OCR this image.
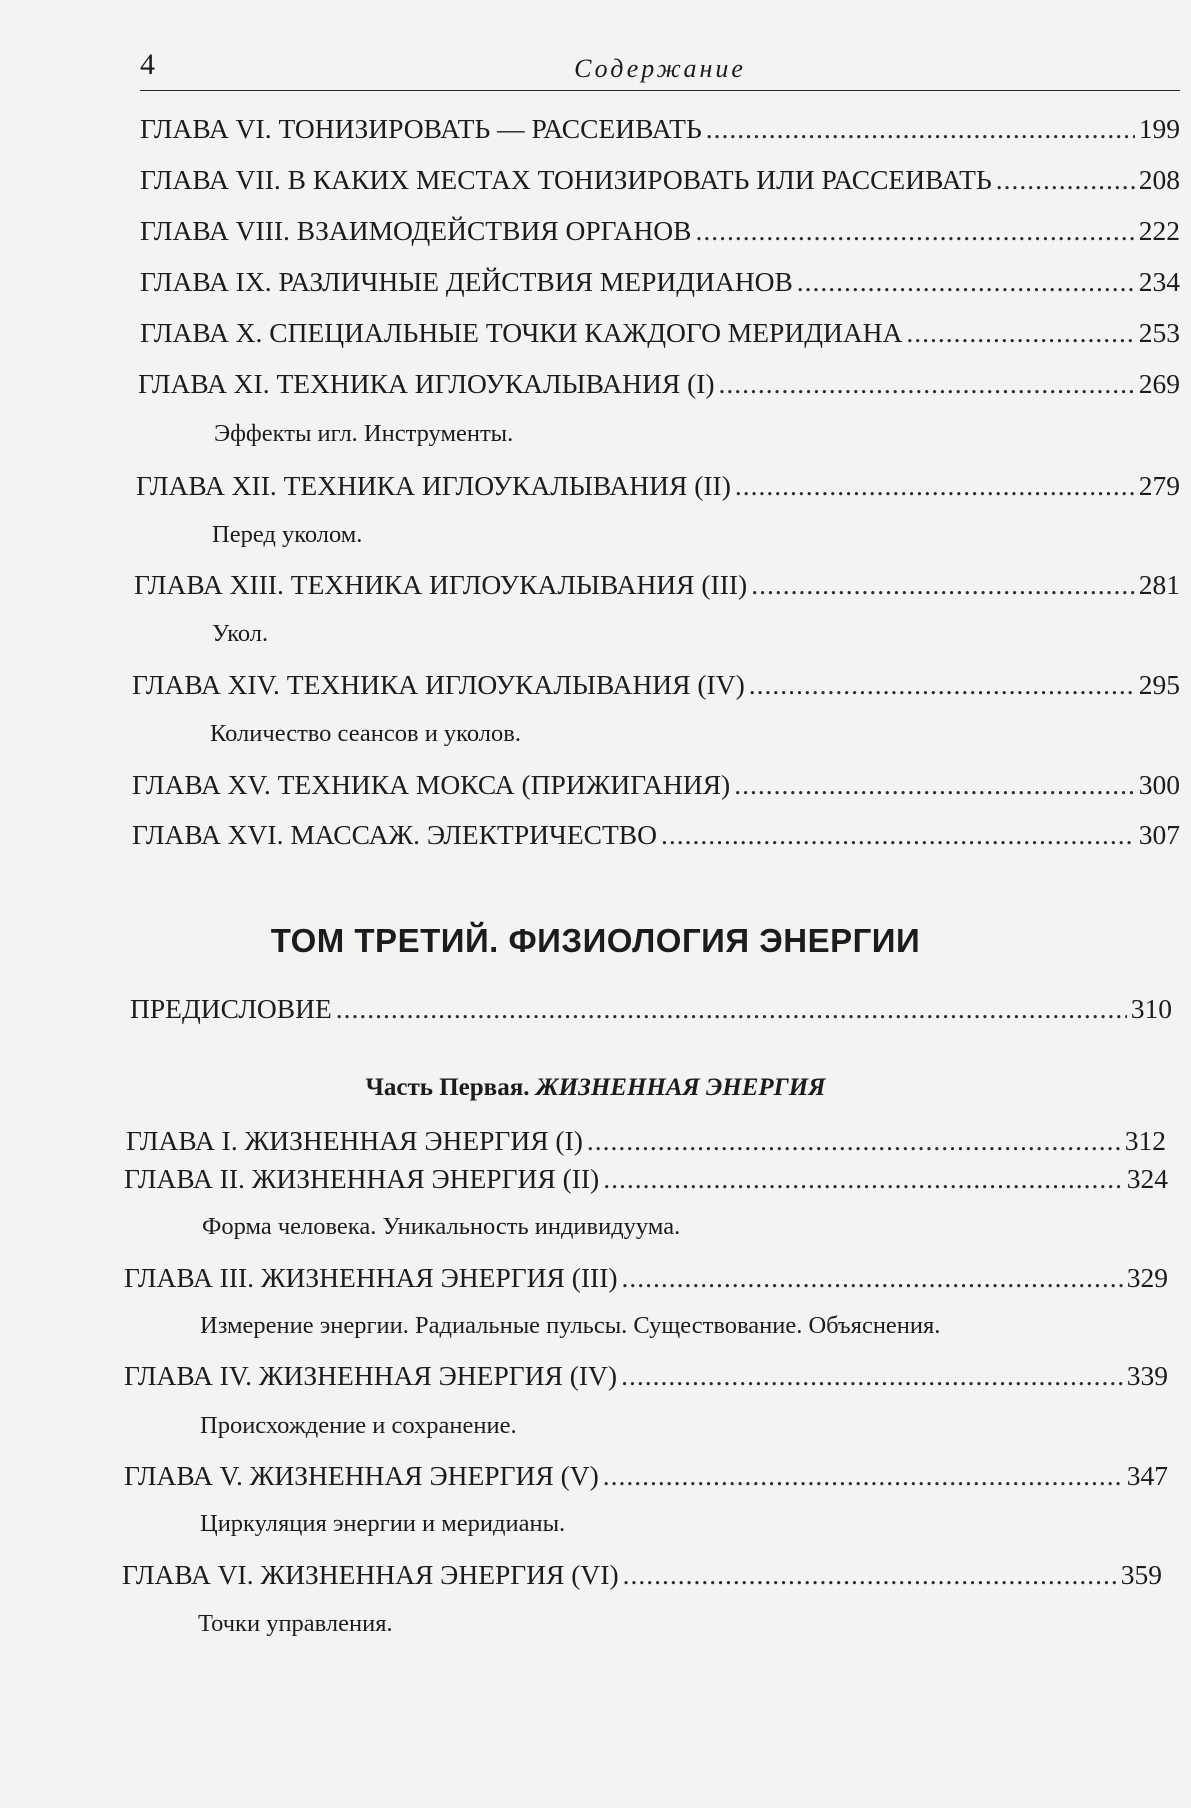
4	Содержание
ГЛАВА VI. ТОНИЗИРОВАТЬ — РАССЕИВАТЬ .....	199
ГЛАВА VII. В КАКИХ МЕСТАХ ТОНИЗИРОВАТЬ ИЛИ РАССЕИВАТЬ .....	208
ГЛАВА VIII. ВЗАИМОДЕЙСТВИЯ ОРГАНОВ .....	222
ГЛАВА IX. РАЗЛИЧНЫЕ ДЕЙСТВИЯ МЕРИДИАНОВ .....	234
ГЛАВА X. СПЕЦИАЛЬНЫЕ ТОЧКИ КАЖДОГО МЕРИДИАНА .....	253
ГЛАВА XI. ТЕХНИКА ИГЛОУКАЛЫВАНИЯ (I) .....	269
Эффекты игл. Инструменты.
ГЛАВА XII. ТЕХНИКА ИГЛОУКАЛЫВАНИЯ (II) .....	279
Перед уколом.
ГЛАВА XIII. ТЕХНИКА ИГЛОУКАЛЫВАНИЯ (III) .....	281
Укол.
ГЛАВА XIV. ТЕХНИКА ИГЛОУКАЛЫВАНИЯ (IV) .....	295
Количество сеансов и уколов.
ГЛАВА XV. ТЕХНИКА МОКСА (ПРИЖИГАНИЯ) .....	300
ГЛАВА XVI. МАССАЖ. ЭЛЕКТРИЧЕСТВО .....	307
ТОМ ТРЕТИЙ. ФИЗИОЛОГИЯ ЭНЕРГИИ
ПРЕДИСЛОВИЕ .....	310
Часть Первая. ЖИЗНЕННАЯ ЭНЕРГИЯ
ГЛАВА I. ЖИЗНЕННАЯ ЭНЕРГИЯ (I) .....	312
ГЛАВА II. ЖИЗНЕННАЯ ЭНЕРГИЯ (II) .....	324
Форма человека. Уникальность индивидуума.
ГЛАВА III. ЖИЗНЕННАЯ ЭНЕРГИЯ (III) .....	329
Измерение энергии. Радиальные пульсы. Существование. Объяснения.
ГЛАВА IV. ЖИЗНЕННАЯ ЭНЕРГИЯ (IV) .....	339
Происхождение и сохранение.
ГЛАВА V. ЖИЗНЕННАЯ ЭНЕРГИЯ (V) .....	347
Циркуляция энергии и меридианы.
ГЛАВА VI. ЖИЗНЕННАЯ ЭНЕРГИЯ (VI) .....	359
Точки управления.
